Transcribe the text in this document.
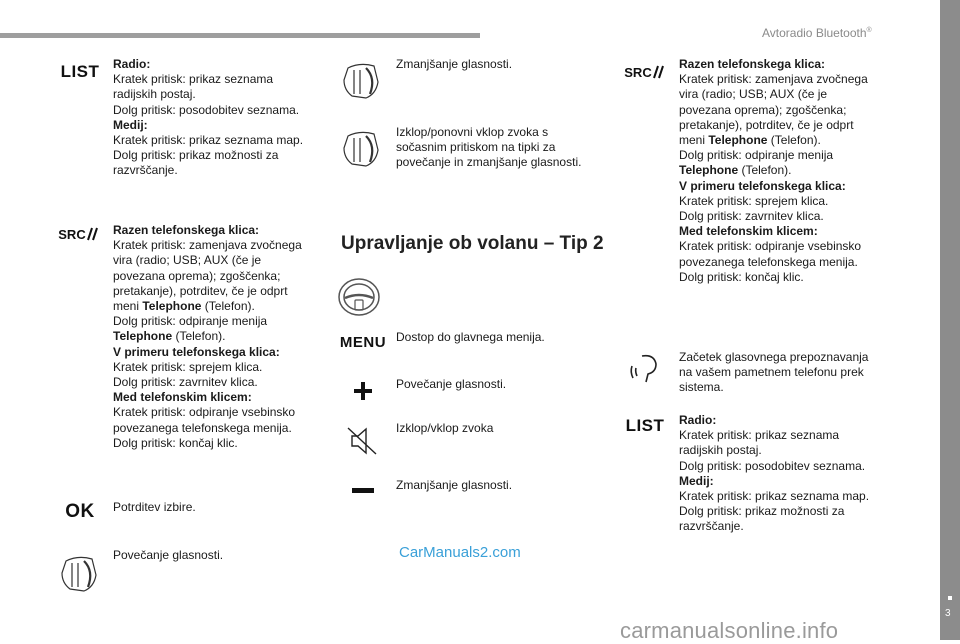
Avtoradio Bluetooth®
3
LIST Radio:

Kratek pritisk: prikaz seznama

radijskih postaj.

Dolg pritisk: posodobitev seznama.

Medij:

Kratek pritisk: prikaz seznama map.

Dolg pritisk: prikaz možnosti za

razvrščanje.

SRC Razen telefonskega klica:

Kratek pritisk: zamenjava zvočnega

vira (radio; USB; AUX (če je

povezana oprema); zgoščenka;

pretakanje), potrditev, če je odprt

meni Telephone (Telefon).

Dolg pritisk: odpiranje menija

Telephone (Telefon).

V primeru telefonskega klica:

Kratek pritisk: sprejem klica.

Dolg pritisk: zavrnitev klica.

Med telefonskim klicem:

Kratek pritisk: odpiranje vsebinsko

povezanega telefonskega menija.

Dolg pritisk: končaj klic.

OK Potrditev izbire.

Povečanje glasnosti.

Zmanjšanje glasnosti.

Izklop/ponovni vklop zvoka s

sočasnim pritiskom na tipki za

povečanje in zmanjšanje glasnosti.

Upravljanje ob volanu – Tip 2
MENU Dostop do glavnega menija.

Povečanje glasnosti.

Izklop/vklop zvoka

Zmanjšanje glasnosti.

SRC

Razen telefonskega klica:

Kratek pritisk: zamenjava zvočnega

vira (radio; USB; AUX (če je

povezana oprema); zgoščenka;

pretakanje), potrditev, če je odprt

meni Telephone (Telefon).

Dolg pritisk: odpiranje menija

Telephone (Telefon).

V primeru telefonskega klica:

Kratek pritisk: sprejem klica.

Dolg pritisk: zavrnitev klica.

Med telefonskim klicem:

Kratek pritisk: odpiranje vsebinsko

povezanega telefonskega menija.

Dolg pritisk: končaj klic.

Začetek glasovnega prepoznavanja

na vašem pametnem telefonu prek

sistema.

LIST Radio:

Kratek pritisk: prikaz seznama

radijskih postaj.

Dolg pritisk: posodobitev seznama.

Medij:

Kratek pritisk: prikaz seznama map.

Dolg pritisk: prikaz možnosti za

razvrščanje.

CarManuals2.com
carmanualsonline.info
